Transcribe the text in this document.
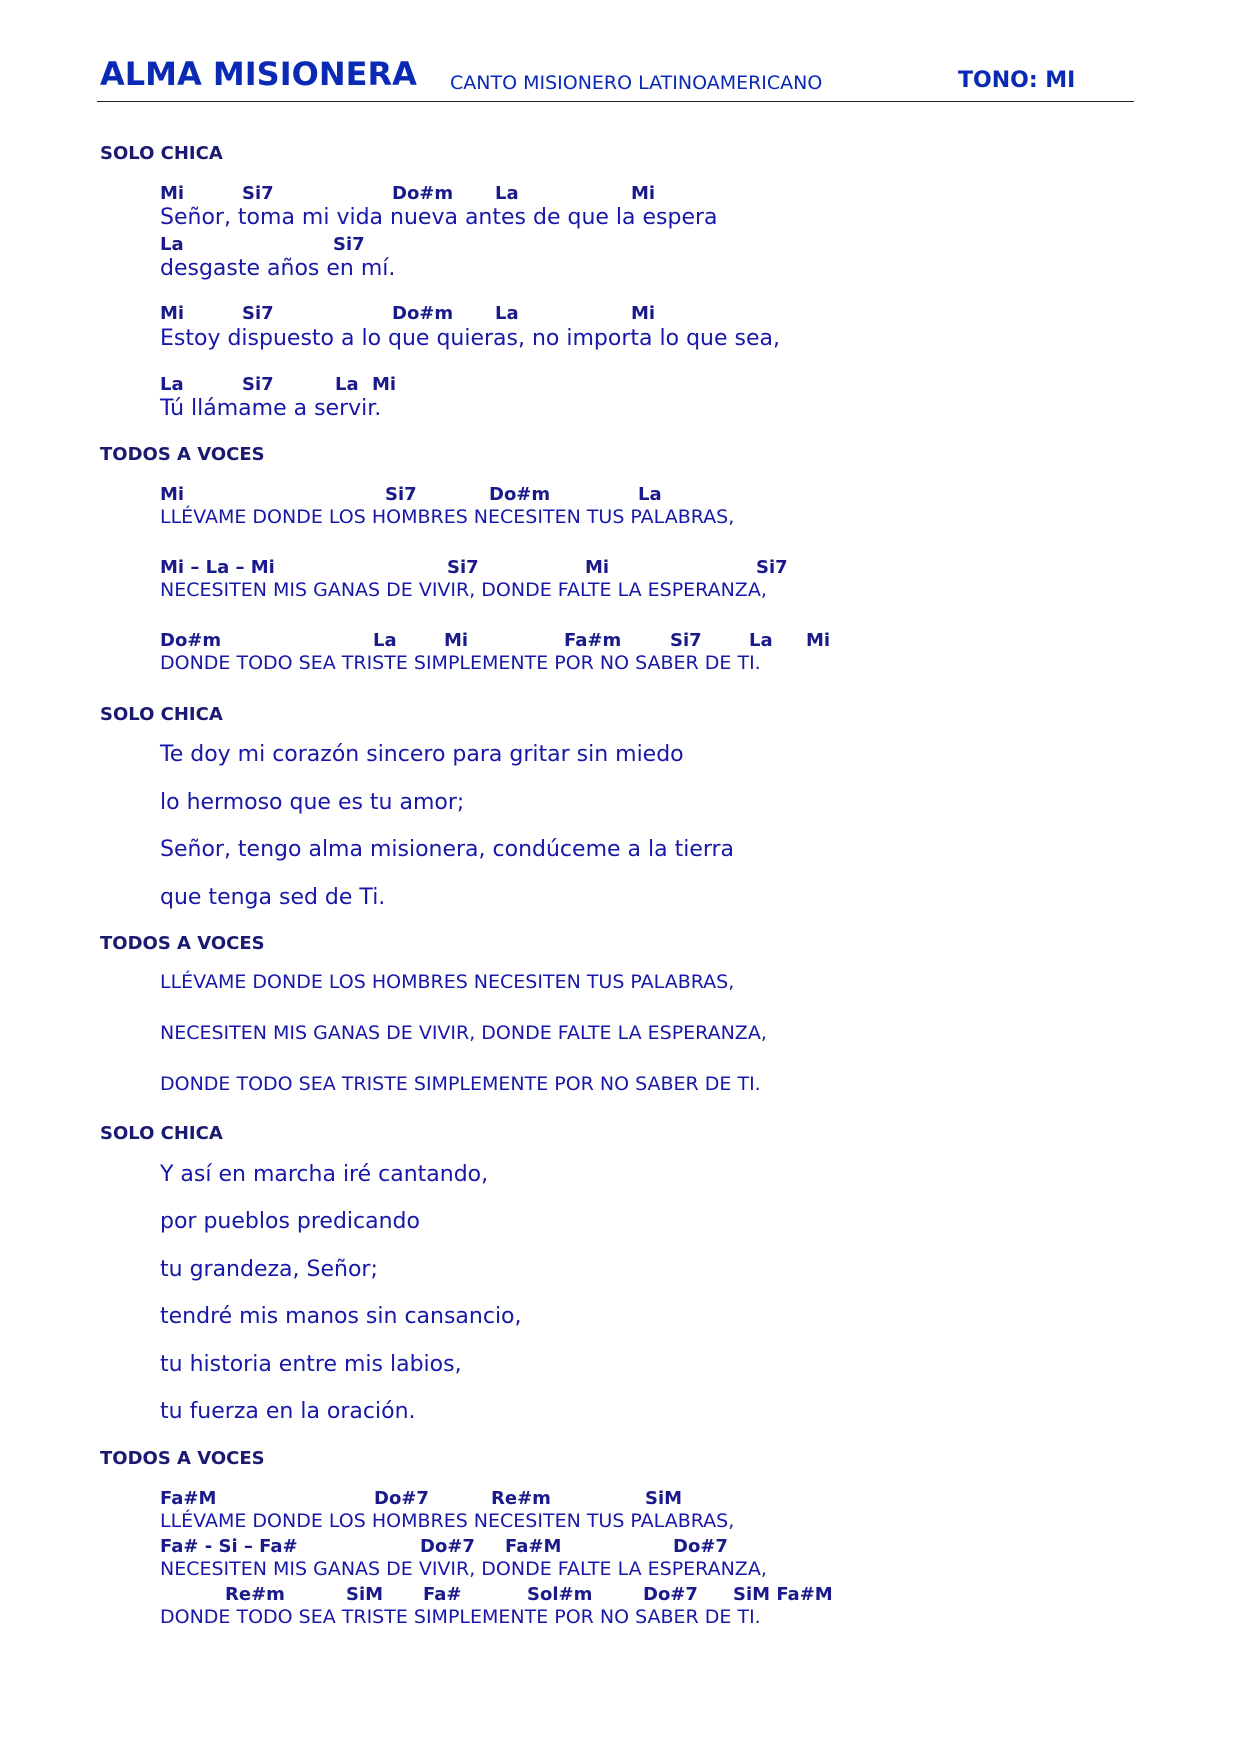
ALMA MISIONERA CANTO MISIONERO LATINOAMERICANO	TONO: MI
SOLO CHICA
Mi	Si7	Do#m La	Mi
Señor, toma mi vida nueva antes de que la espera
La	Si7
desgaste años en mí.
Mi	Si7	Do#m La	Mi
Estoy dispuesto a lo que quieras, no importa lo que sea,
La	Si7	La Mi
Tú llámame a servir.
TODOS A VOCES
Mi	Si7	Do#m	La
LLÉVAME DONDE LOS HOMBRES NECESITEN TUS PALABRAS,
Mi – La – Mi	Si7	Mi	Si7
NECESITEN MIS GANAS DE VIVIR, DONDE FALTE LA ESPERANZA,
Do#m	La	Mi	Fa#m	Si7	La Mi
DONDE TODO SEA TRISTE SIMPLEMENTE POR NO SABER DE TI.
SOLO CHICA
Te doy mi corazón sincero para gritar sin miedo
lo hermoso que es tu amor;
Señor, tengo alma misionera, condúceme a la tierra
que tenga sed de Ti.
TODOS A VOCES
LLÉVAME DONDE LOS HOMBRES NECESITEN TUS PALABRAS,
NECESITEN MIS GANAS DE VIVIR, DONDE FALTE LA ESPERANZA,
DONDE TODO SEA TRISTE SIMPLEMENTE POR NO SABER DE TI.
SOLO CHICA
Y así en marcha iré cantando,
por pueblos predicando
tu grandeza, Señor;
tendré mis manos sin cansancio,
tu historia entre mis labios,
tu fuerza en la oración.
TODOS A VOCES
Fa#M	Do#7	Re#m	SiM
LLÉVAME DONDE LOS HOMBRES NECESITEN TUS PALABRAS,
Fa# - Si – Fa#	Do#7 Fa#M	Do#7
NECESITEN MIS GANAS DE VIVIR, DONDE FALTE LA ESPERANZA,
Re#m	SiM Fa#	Sol#m	Do#7 SiM Fa#M
DONDE TODO SEA TRISTE SIMPLEMENTE POR NO SABER DE TI.
